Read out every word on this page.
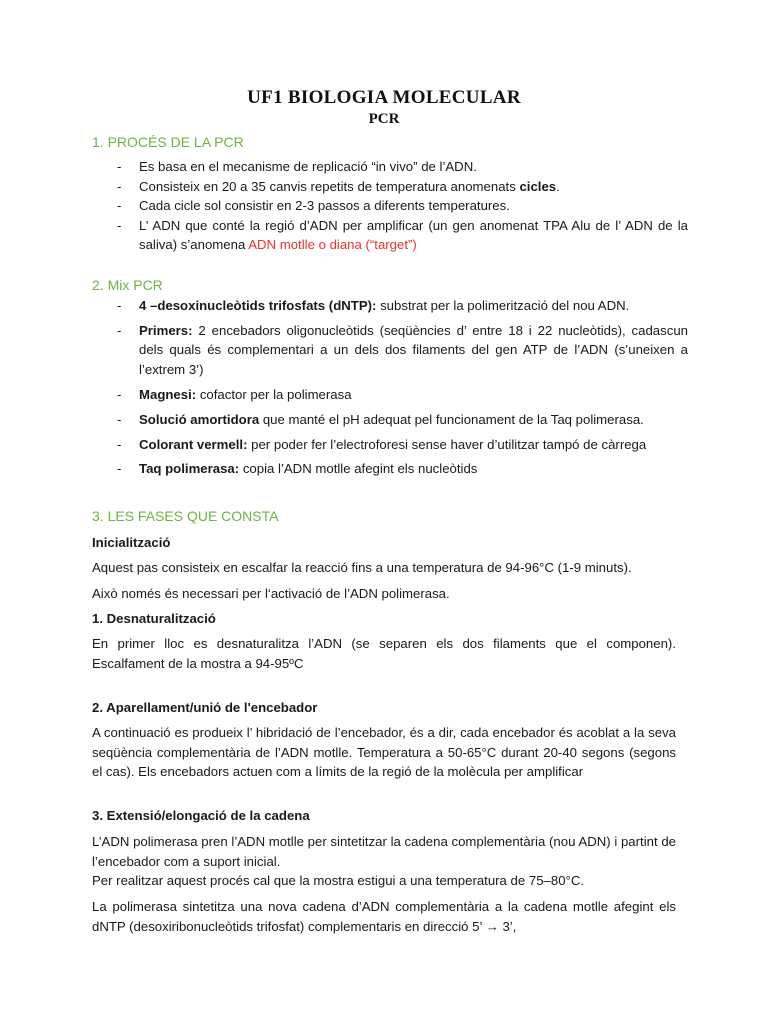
UF1 BIOLOGIA MOLECULAR
PCR
1. PROCÉS DE LA PCR
- Es basa en el mecanisme de replicació “in vivo” de l’ADN.
- Consisteix en 20 a 35 canvis repetits de temperatura anomenats cicles.
- Cada cicle sol consistir en 2-3 passos a diferents temperatures.
- L’ ADN que conté la regió d’ADN per amplificar (un gen anomenat TPA Alu de l’ ADN de la saliva) s’anomena ADN motlle o diana (“target”)
2. Mix PCR
- 4 –desoxinucleòtids trifosfats (dNTP): substrat per la polimerització del nou ADN.
- Primers: 2 encebadors oligonucleòtids (seqüències d’ entre 18 i 22 nucleòtids), cadascun dels quals és complementari a un dels dos filaments del gen ATP de l’ADN (s’uneixen a l’extrem 3’)
- Magnesi: cofactor per la polimerasa
- Solució amortidora que manté el pH adequat pel funcionament de la Taq polimerasa.
- Colorant vermell: per poder fer l’electroforesi sense haver d’utilitzar tampó de càrrega
- Taq polimerasa: copia l’ADN motlle afegint els nucleòtids
3. LES FASES QUE CONSTA

Inicialització

Aquest pas consisteix en escalfar la reacció fins a una temperatura de 94-96°C (1-9 minuts).

Això només és necessari per l‘activació de l’ADN polimerasa.

1. Desnaturalització

En primer lloc es desnaturalitza l’ADN (se separen els dos filaments que el componen). Escalfament de la mostra a 94-95ºC

2. Aparellament/unió de l'encebador

A continuació es produeix l’ hibridació de l’encebador, és a dir, cada encebador és acoblat a la seva seqüència complementària de l’ADN motlle. Temperatura a 50-65°C durant 20-40 segons (segons el cas). Els encebadors actuen com a límits de la regió de la molècula per amplificar

3. Extensió/elongació de la cadena

L’ADN polimerasa pren l’ADN motlle per sintetitzar la cadena complementària (nou ADN) i partint de l’encebador com a suport inicial.

Per realitzar aquest procés cal que la mostra estigui a una temperatura de 75–80°C.

La polimerasa sintetitza una nova cadena d’ADN complementària a la cadena motlle afegint els dNTP (desoxiribonucleòtids trifosfat) complementaris en direcció 5’ → 3’,
